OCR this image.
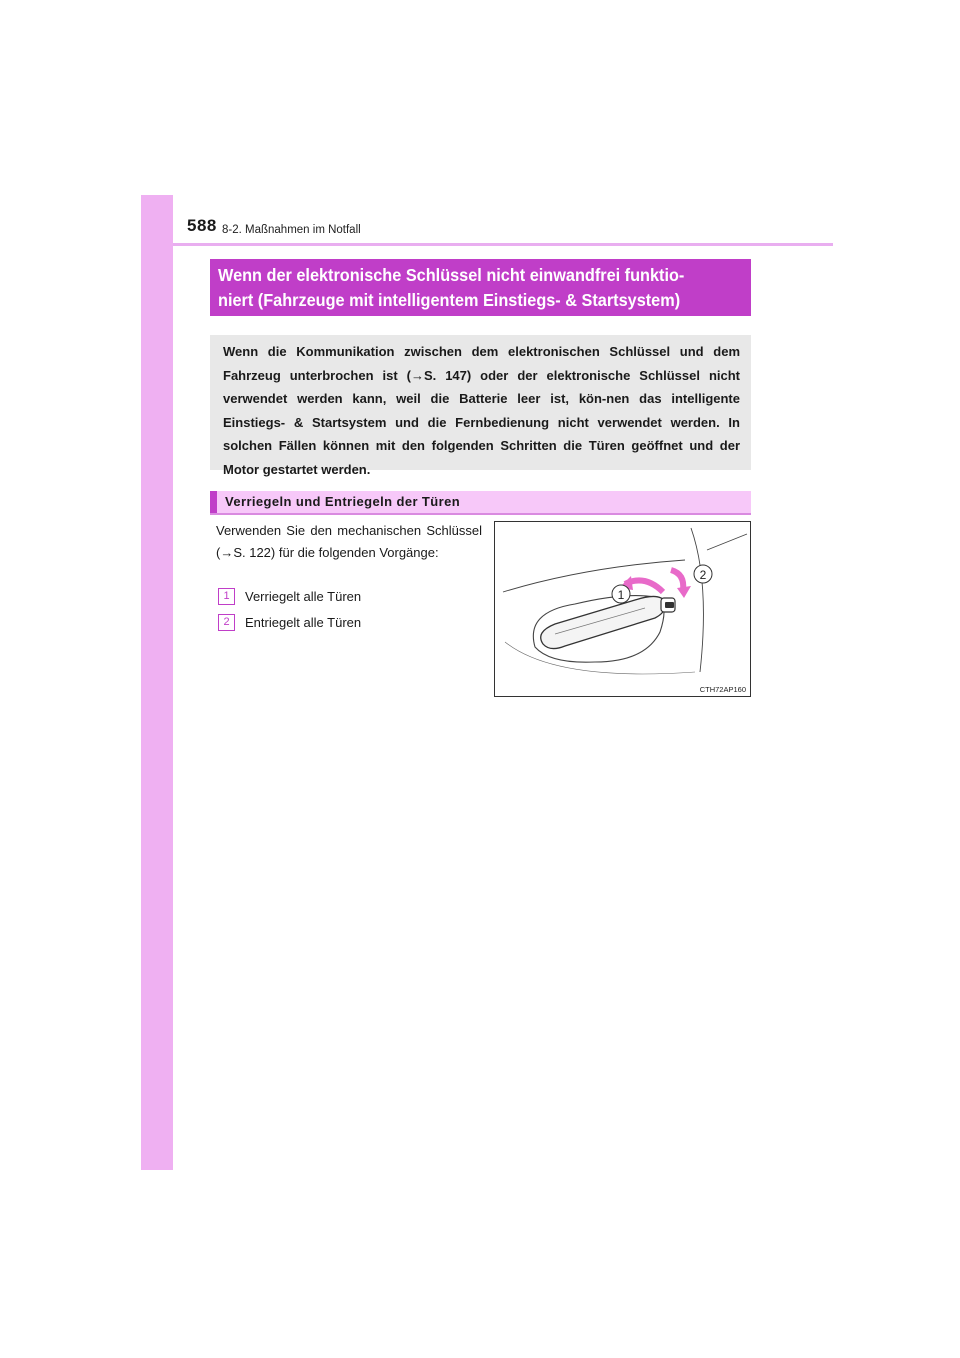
588 8-2. Maßnahmen im Notfall
Wenn der elektronische Schlüssel nicht einwandfrei funktio-
niert (Fahrzeuge mit intelligentem Einstiegs- & Startsystem)
Wenn die Kommunikation zwischen dem elektronischen Schlüssel und dem Fahrzeug unterbrochen ist (→S. 147) oder der elektronische Schlüssel nicht verwendet werden kann, weil die Batterie leer ist, kön-nen das intelligente Einstiegs- & Startsystem und die Fernbedienung nicht verwendet werden. In solchen Fällen können mit den folgenden Schritten die Türen geöffnet und der Motor gestartet werden.
Verriegeln und Entriegeln der Türen
Verwenden Sie den mechanischen Schlüssel (→S. 122) für die folgenden Vorgänge:
1 Verriegelt alle Türen
2 Entriegelt alle Türen
1
2
CTH72AP160
